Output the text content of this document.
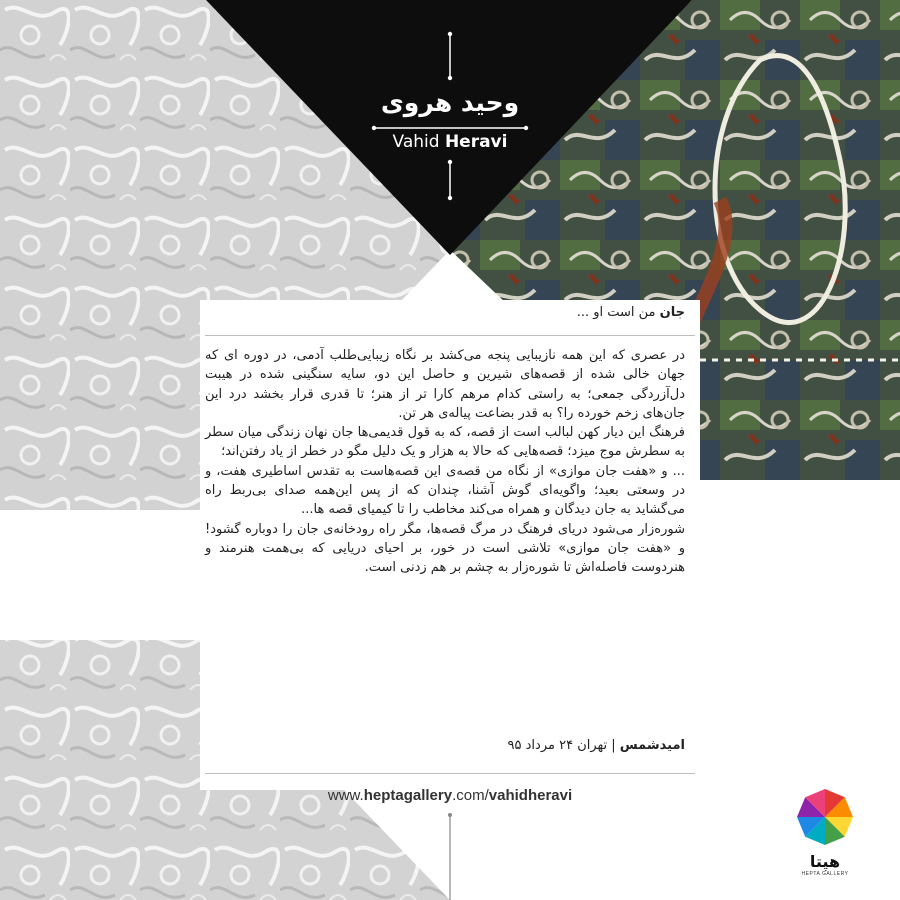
وحید هروی
Vahid Heravi
جان من است او ...

در عصری که این همه نازیبایی پنجه می‌کشد بر نگاه زیبایی‌طلب آدمی، در دوره ای که جهان خالی شده از قصه‌های شیرین و حاصل این دو، سایه سنگینی شده در هیبت دل‌آزردگی جمعی؛ به راستی کدام مرهم کارا تر از هنر؛ تا قدری قرار بخشد درد این جان‌های زخم خورده را؟ به قدر بضاعت پیاله‌ی هر تن.

فرهنگ این دیار کهن لبالب است از قصه، که به قول قدیمی‌ها جان نهان زندگی میان سطر به سطرش موج میزد؛ قصه‌هایی که حالا به هزار و یک دلیل مگو در خطر از یاد رفتن‌اند؛

... و «هفت جان موازی» از نگاه من قصه‌ی این قصه‌هاست به تقدس اساطیری هفت، و در وسعتی بعید؛ واگویه‌ای گوش آشنا، چندان که از پس این‌همه صدای بی‌ربط راه می‌گشاید به جان دیدگان و همراه می‌کند مخاطب را تا کیمیای قصه ها...

شوره‌زار می‌شود دریای فرهنگ در مرگ قصه‌ها، مگر راه رودخانه‌ی جان را دوباره گشود! و «هفت جان موازی» تلاشی است در خور، بر احیای دریایی که بی‌همت هنرمند و هنردوست فاصله‌اش تا شوره‌زار به چشم بر هم زدنی است.

امیدشمس | تهران ۲۴ مرداد ۹۵
www.heptagallery.com/vahidheravi
هپتا
HEPTA GALLERY
